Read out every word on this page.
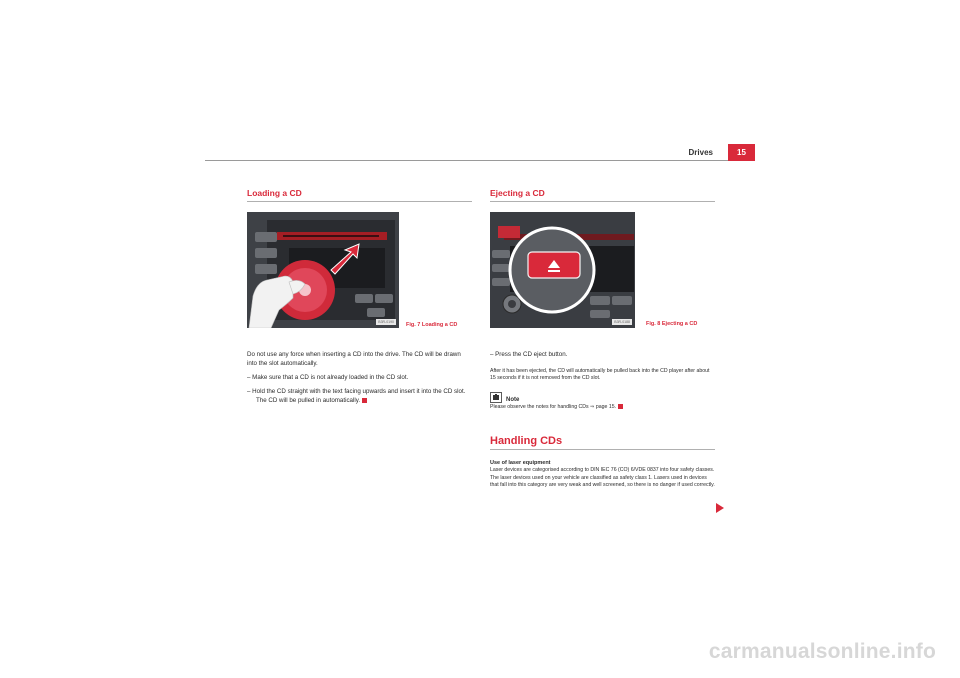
Drives	15
Loading a CD
B3R-0190	Fig. 7 Loading a CD

Do not use any force when inserting a CD into the drive. The CD will be drawn into the slot automatically.

– Make sure that a CD is not already loaded in the CD slot.

– Hold the CD straight with the text facing upwards and insert it into the CD slot. The CD will be pulled in automatically.

Ejecting a CD
B3R-0188	Fig. 8 Ejecting a CD

– Press the CD eject button.

After it has been ejected, the CD will automatically be pulled back into the CD player after about 15 seconds if it is not removed from the CD slot.

Note

Please observe the notes for handling CDs ⇒ page 15.

Handling CDs
Use of laser equipment

Laser devices are categorised according to DIN IEC 76 (CO) 6/VDE 0837 into four safety classes. The laser devices used on your vehicle are classified as safety class 1. Lasers used in devices that fall into this category are very weak and well screened, so there is no danger if used correctly.

carmanualsonline.info
